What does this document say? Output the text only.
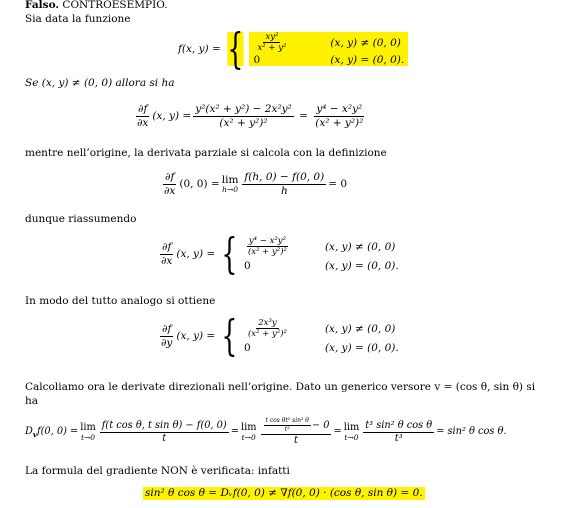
Falso. CONTROESEMPIO.
Sia data la funzione
f(x, y) = { $\frac{\text{xy²}}{\text{x² + y²}}$	(x, y) ≠ (0, 0)
0	(x, y) = (0, 0).
Se (x, y) ≠ (0, 0) allora si ha
$\frac{\partial f}{\partial x} (x$, $y) = \frac{\text{y²(x² + y²) − 2x²y²}}{\text{(x² + y²)²}} = \frac{\text{y⁴ − x²y²}}{\text{(x² + y²)²}}$
mentre nell’origine, la derivata parziale si calcola con la definizione
$\frac{\partial f}{\partial x} (0$, 0) = lim
$h\to 0 \frac{f(h, 0) - f(0, 0)}{h} = 0$
dunque riassumendo
$\frac{\partial f}{\partial x} (x$, y) = { $\frac{\text{y⁴ − x²y²}}{\text{(x² + y²)²}}$	(x, y) ≠ (0, 0)
0	(x, y) = (0, 0).
In modo del tutto analogo si ottiene
$\frac{\partial f}{\partial y} (x$, y) = { $\frac{\text{2x³y}}{\text{(x² + y²)²}}$	(x, y) ≠ (0, 0)
0	(x, y) = (0, 0).
Calcoliamo ora le derivate direzionali nell’origine. Dato un generico versore v = (cos θ, sin θ) si
ha
$D_vf(0$, 0) = lim
$t\to 0 \frac{\text{f(t cos θ, t sin θ) − f(0, 0)}}{t} = \lim$
$t\to 0 \frac{\frac{\text{t cos θt² sin² θ}}{\text{t²}} - 0}{t} = \lim$
$t\to 0 \frac{\text{t³ sin² θ cos θ}}{\text{t³}} = \sin^2$ θ cos θ.
La formula del gradiente NON è verificata: infatti
sin² θ cos θ = Dᵥf(0, 0) ≠ ∇f(0, 0) · (cos θ, sin θ) = 0.
